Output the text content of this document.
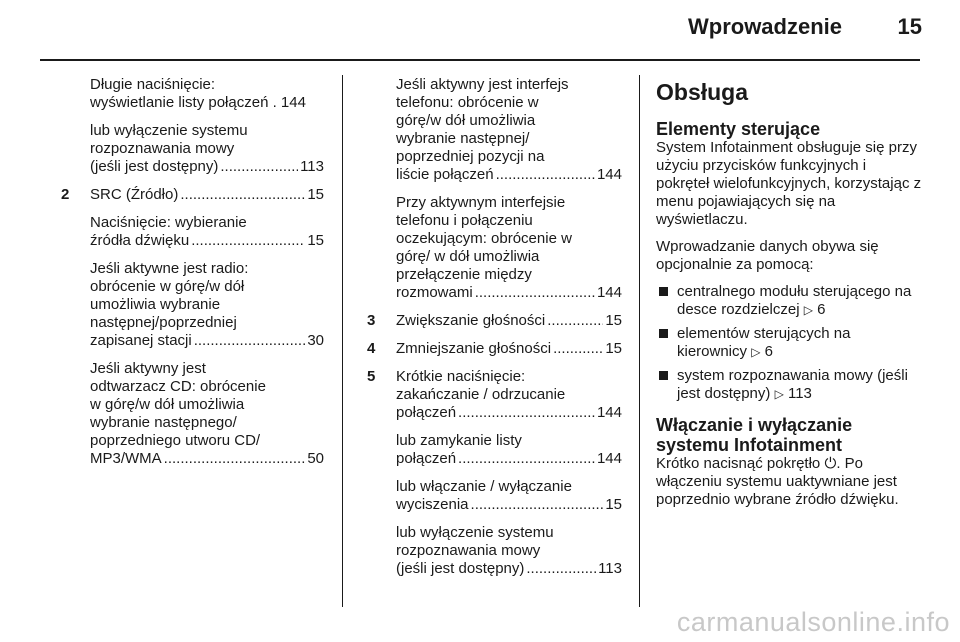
Wprowadzenie	15
Długie naciśnięcie:
wyświetlanie listy połączeń . 144
lub wyłączenie systemu
rozpoznawania mowy
(jeśli jest dostępny) .....	113
2 SRC (Źródło) .....	15
Naciśnięcie: wybieranie
źródła dźwięku .....	15
Jeśli aktywne jest radio:
obrócenie w górę/w dół
umożliwia wybranie
następnej/poprzedniej
zapisanej stacji .....	30
Jeśli aktywny jest
odtwarzacz CD: obrócenie
w górę/w dół umożliwia
wybranie następnego/
poprzedniego utworu CD/
MP3/WMA .....	50
Jeśli aktywny jest interfejs
telefonu: obrócenie w
górę/w dół umożliwia
wybranie następnej/
poprzedniej pozycji na
liście połączeń .....	144
Przy aktywnym interfejsie
telefonu i połączeniu
oczekującym: obrócenie w
górę/ w dół umożliwia
przełączenie między
rozmowami .....	144
3 Zwiększanie głośności .....	15
4 Zmniejszanie głośności .....	15
5 Krótkie naciśnięcie:
zakańczanie / odrzucanie
połączeń .....	144
lub zamykanie listy
połączeń .....	144
lub włączanie / wyłączanie
wyciszenia .....	15
lub wyłączenie systemu
rozpoznawania mowy
(jeśli jest dostępny) .....	113
Obsługa
Elementy sterujące

System Infotainment obsługuje się przy użyciu przycisków funkcyjnych i pokręteł wielofunkcyjnych, korzystając z menu pojawiających się na wyświetlaczu.

Wprowadzanie danych obywa się opcjonalnie za pomocą:

centralnego modułu sterującego na desce rozdzielczej ▷ 6
elementów sterujących na kierownicy ▷ 6
system rozpoznawania mowy (jeśli jest dostępny) ▷ 113
Włączanie i wyłączanie systemu Infotainment

Krótko nacisnąć pokrętło ⏻. Po włączeniu systemu uaktywniane jest poprzednio wybrane źródło dźwięku.

carmanualsonline.info
